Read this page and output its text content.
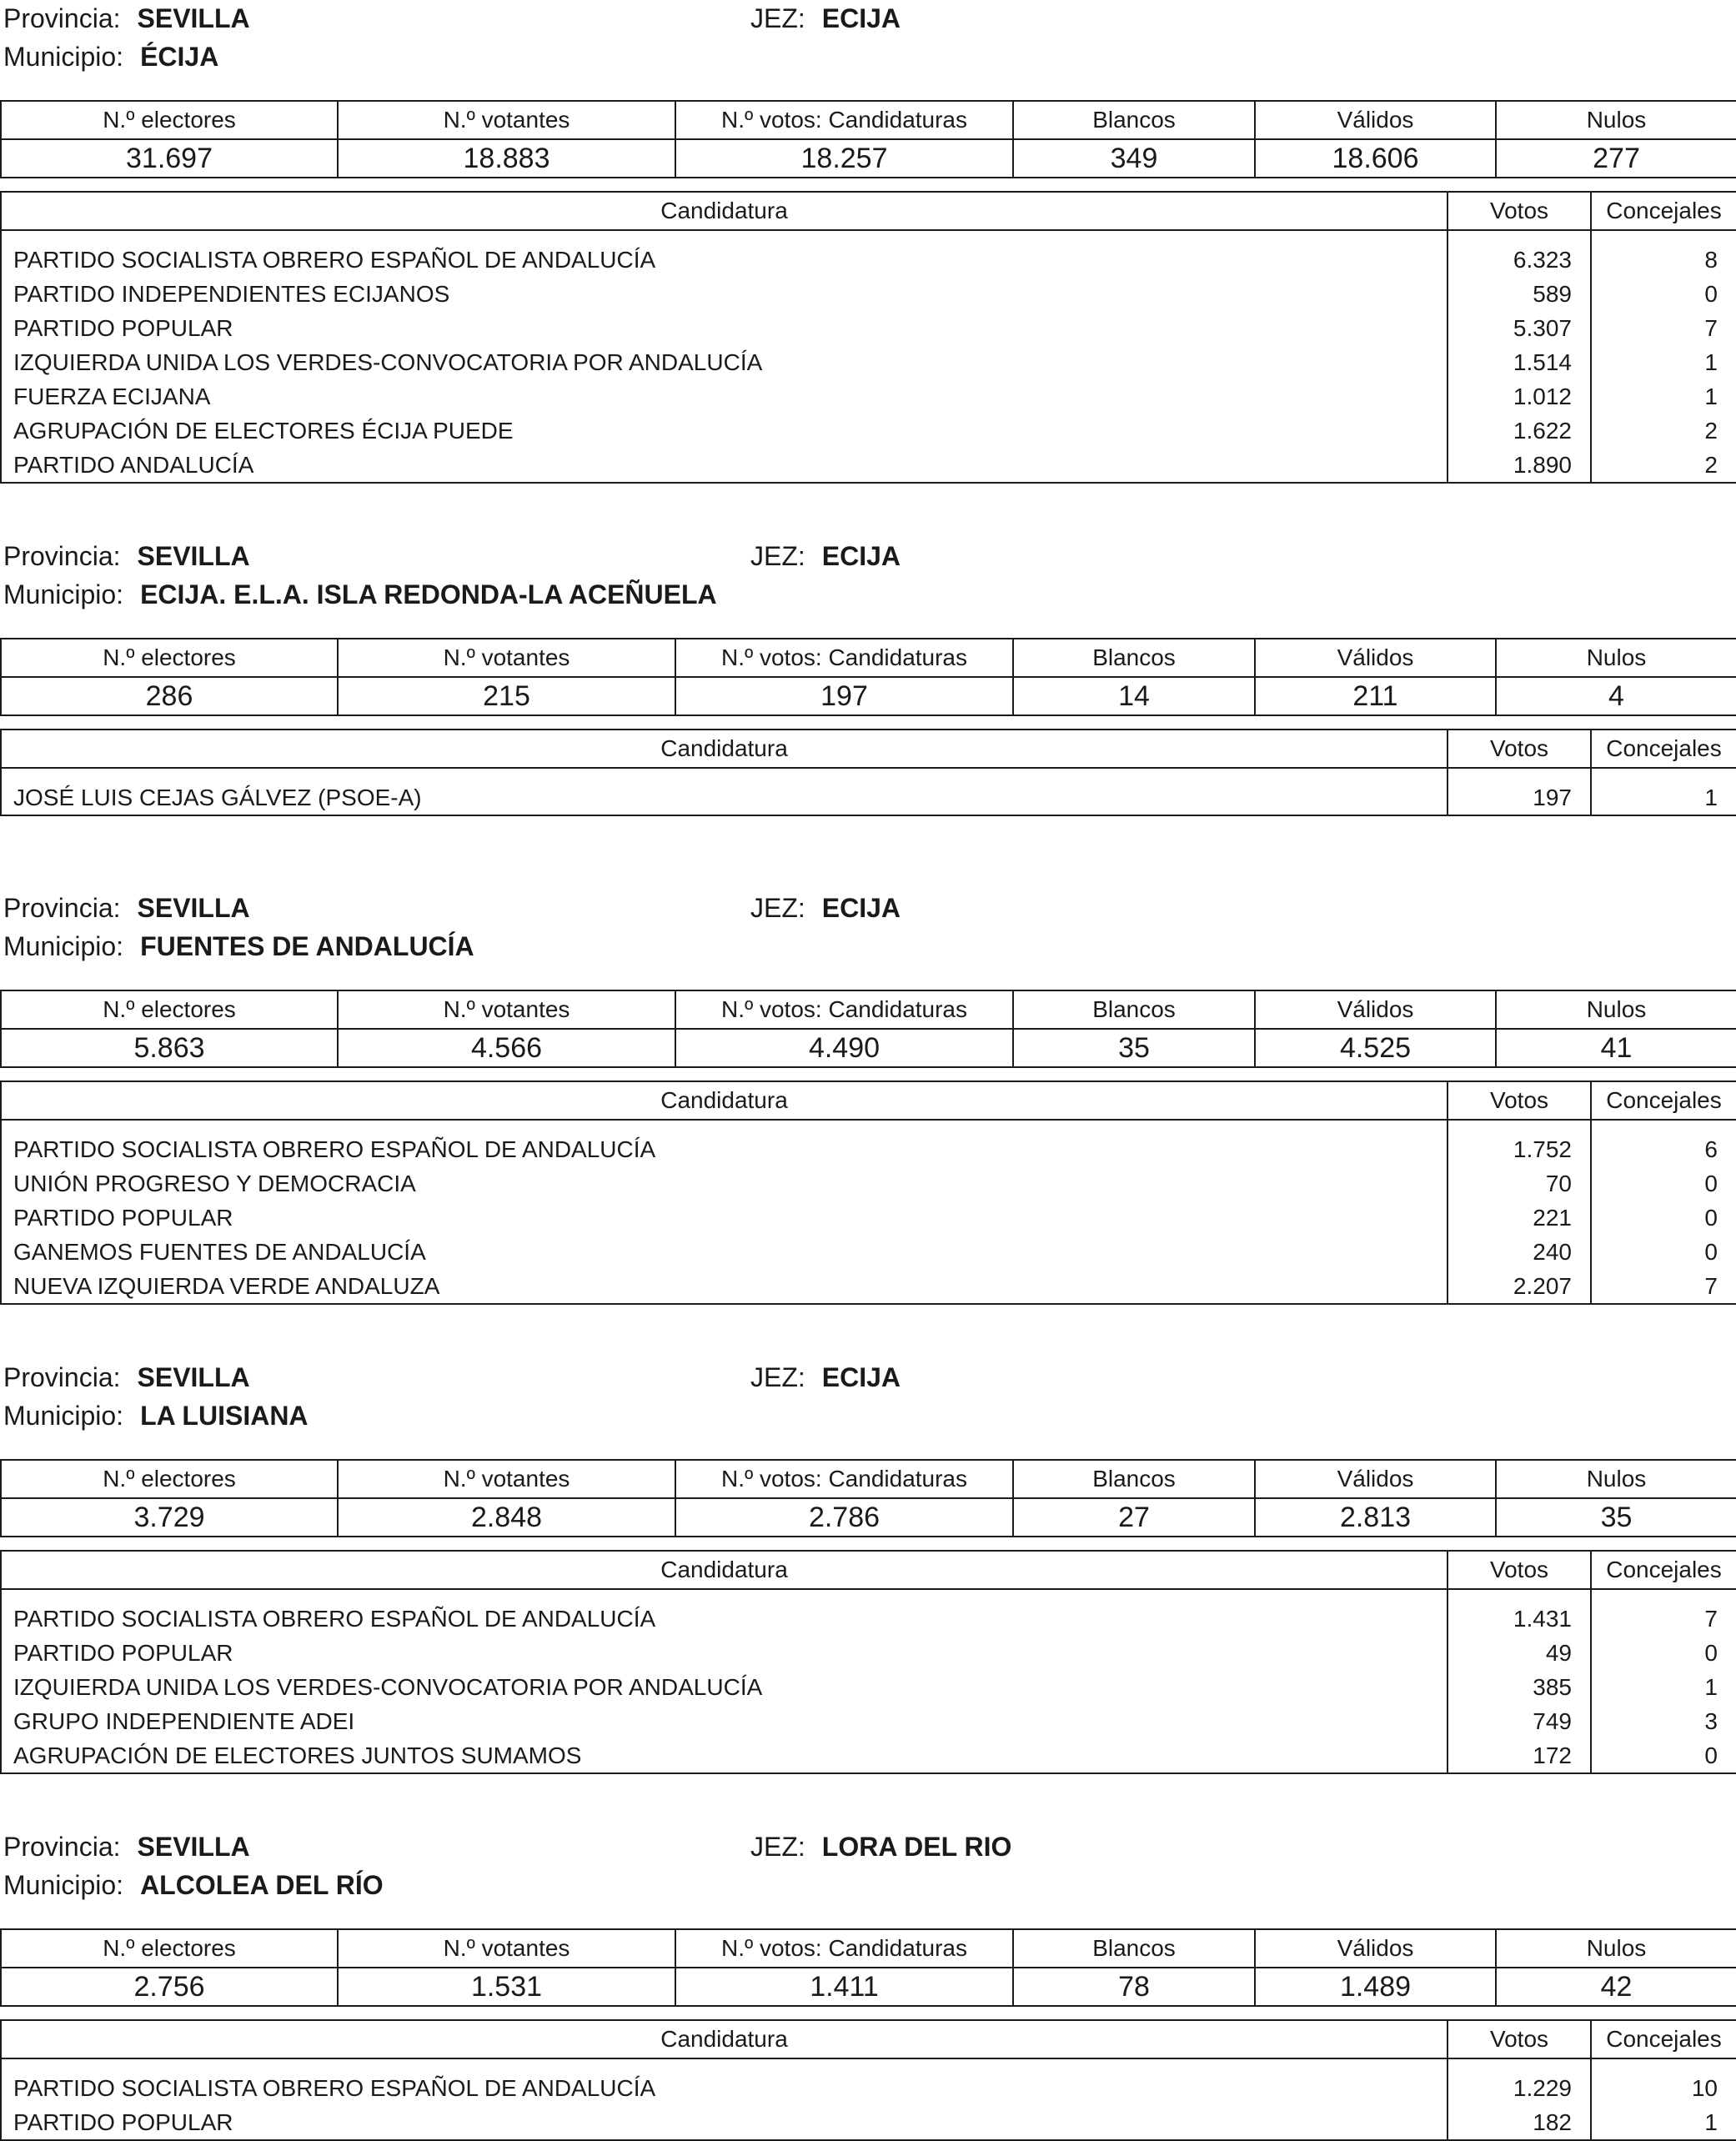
Provincia: SEVILLA	JEZ: ECIJA
Municipio: ÉCIJA
N.º electores	N.º votantes	N.º votos: Candidaturas	Blancos	Válidos	Nulos
31.697	18.883	18.257	349	18.606	277
Candidatura	Votos	Concejales
PARTIDO SOCIALISTA OBRERO ESPAÑOL DE ANDALUCÍA	6.323	8
PARTIDO INDEPENDIENTES ECIJANOS	589	0
PARTIDO POPULAR	5.307	7
IZQUIERDA UNIDA LOS VERDES-CONVOCATORIA POR ANDALUCÍA	1.514	1
FUERZA ECIJANA	1.012	1
AGRUPACIÓN DE ELECTORES ÉCIJA PUEDE	1.622	2
PARTIDO ANDALUCÍA	1.890	2
Provincia: SEVILLA	JEZ: ECIJA
Municipio: ECIJA. E.L.A. ISLA REDONDA-LA ACEÑUELA
N.º electores	N.º votantes	N.º votos: Candidaturas	Blancos	Válidos	Nulos
286	215	197	14	211	4
Candidatura	Votos	Concejales
JOSÉ LUIS CEJAS GÁLVEZ (PSOE-A)	197	1
Provincia: SEVILLA	JEZ: ECIJA
Municipio: FUENTES DE ANDALUCÍA
N.º electores	N.º votantes	N.º votos: Candidaturas	Blancos	Válidos	Nulos
5.863	4.566	4.490	35	4.525	41
Candidatura	Votos	Concejales
PARTIDO SOCIALISTA OBRERO ESPAÑOL DE ANDALUCÍA	1.752	6
UNIÓN PROGRESO Y DEMOCRACIA	70	0
PARTIDO POPULAR	221	0
GANEMOS FUENTES DE ANDALUCÍA	240	0
NUEVA IZQUIERDA VERDE ANDALUZA	2.207	7
Provincia: SEVILLA	JEZ: ECIJA
Municipio: LA LUISIANA
N.º electores	N.º votantes	N.º votos: Candidaturas	Blancos	Válidos	Nulos
3.729	2.848	2.786	27	2.813	35
Candidatura	Votos	Concejales
PARTIDO SOCIALISTA OBRERO ESPAÑOL DE ANDALUCÍA	1.431	7
PARTIDO POPULAR	49	0
IZQUIERDA UNIDA LOS VERDES-CONVOCATORIA POR ANDALUCÍA	385	1
GRUPO INDEPENDIENTE ADEI	749	3
AGRUPACIÓN DE ELECTORES JUNTOS SUMAMOS	172	0
Provincia: SEVILLA	JEZ: LORA DEL RIO
Municipio: ALCOLEA DEL RÍO
N.º electores	N.º votantes	N.º votos: Candidaturas	Blancos	Válidos	Nulos
2.756	1.531	1.411	78	1.489	42
Candidatura	Votos	Concejales
PARTIDO SOCIALISTA OBRERO ESPAÑOL DE ANDALUCÍA	1.229	10
PARTIDO POPULAR	182	1
